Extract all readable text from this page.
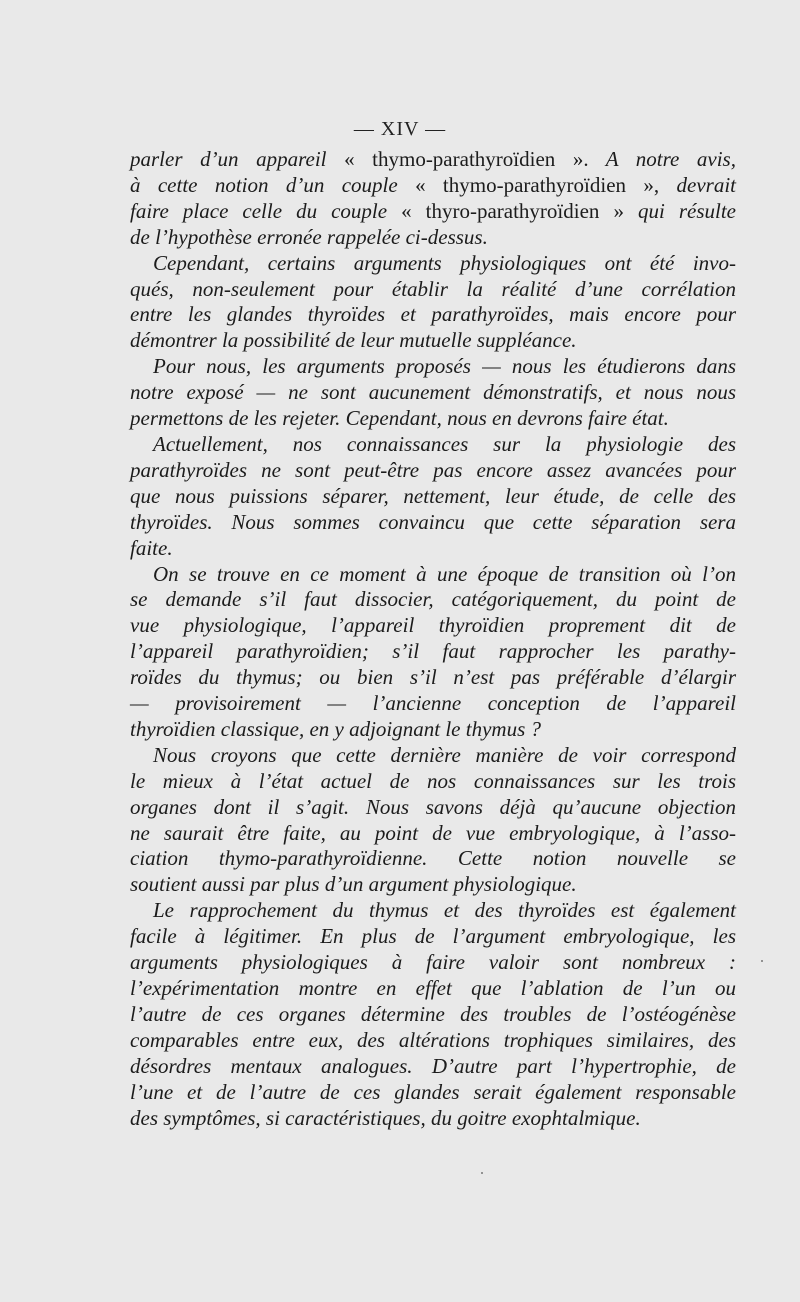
— XIV —
parler d’un appareil « thymo-parathyroïdien ». A notre avis,
à cette notion d’un couple « thymo-parathyroïdien », devrait
faire place celle du couple « thyro-parathyroïdien » qui résulte
de l’hypothèse erronée rappelée ci-dessus.
Cependant, certains arguments physiologiques ont été invo-
qués, non-seulement pour établir la réalité d’une corrélation
entre les glandes thyroïdes et parathyroïdes, mais encore pour
démontrer la possibilité de leur mutuelle suppléance.
Pour nous, les arguments proposés — nous les étudierons dans
notre exposé — ne sont aucunement démonstratifs, et nous nous
permettons de les rejeter. Cependant, nous en devrons faire état.
Actuellement, nos connaissances sur la physiologie des
parathyroïdes ne sont peut-être pas encore assez avancées pour
que nous puissions séparer, nettement, leur étude, de celle des
thyroïdes. Nous sommes convaincu que cette séparation sera
faite.
On se trouve en ce moment à une époque de transition où l’on
se demande s’il faut dissocier, catégoriquement, du point de
vue physiologique, l’appareil thyroïdien proprement dit de
l’appareil parathyroïdien; s’il faut rapprocher les parathy-
roïdes du thymus; ou bien s’il n’est pas préférable d’élargir
— provisoirement — l’ancienne conception de l’appareil
thyroïdien classique, en y adjoignant le thymus ?
Nous croyons que cette dernière manière de voir correspond
le mieux à l’état actuel de nos connaissances sur les trois
organes dont il s’agit. Nous savons déjà qu’aucune objection
ne saurait être faite, au point de vue embryologique, à l’asso-
ciation thymo-parathyroïdienne. Cette notion nouvelle se
soutient aussi par plus d’un argument physiologique.
Le rapprochement du thymus et des thyroïdes est également
facile à légitimer. En plus de l’argument embryologique, les
arguments physiologiques à faire valoir sont nombreux :
l’expérimentation montre en effet que l’ablation de l’un ou
l’autre de ces organes détermine des troubles de l’ostéogénèse
comparables entre eux, des altérations trophiques similaires, des
désordres mentaux analogues. D’autre part l’hypertrophie, de
l’une et de l’autre de ces glandes serait également responsable
des symptômes, si caractéristiques, du goitre exophtalmique.
